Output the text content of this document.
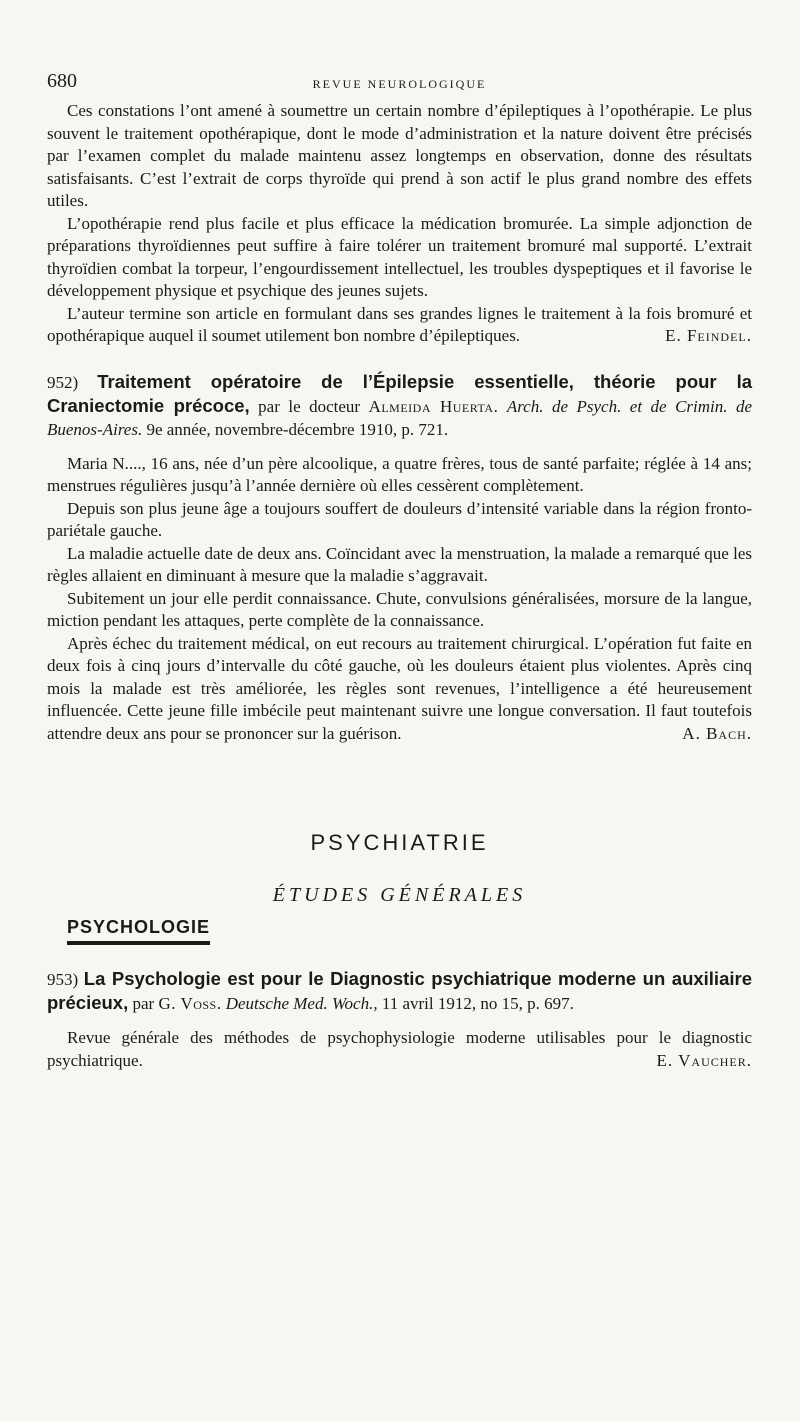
680	REVUE NEUROLOGIQUE

Ces constations l’ont amené à soumettre un certain nombre d’épileptiques à l’opothérapie. Le plus souvent le traitement opothérapique, dont le mode d’administration et la nature doivent être précisés par l’examen complet du malade maintenu assez longtemps en observation, donne des résultats satisfaisants. C’est l’extrait de corps thyroïde qui prend à son actif le plus grand nombre des effets utiles.

L’opothérapie rend plus facile et plus efficace la médication bromurée. La simple adjonction de préparations thyroïdiennes peut suffire à faire tolérer un traitement bromuré mal supporté. L’extrait thyroïdien combat la torpeur, l’engourdissement intellectuel, les troubles dyspeptiques et il favorise le développement physique et psychique des jeunes sujets.

L’auteur termine son article en formulant dans ses grandes lignes le traitement à la fois bromuré et opothérapique auquel il soumet utilement bon nombre d’épileptiques.	E. Feindel.

952) Traitement opératoire de l’Épilepsie essentielle, théorie pour la Craniectomie précoce, par le docteur Almeida Huerta. Arch. de Psych. et de Crimin. de Buenos-Aires. 9e année, novembre-décembre 1910, p. 721.

Maria N...., 16 ans, née d’un père alcoolique, a quatre frères, tous de santé parfaite; réglée à 14 ans; menstrues régulières jusqu’à l’année dernière où elles cessèrent complètement.

Depuis son plus jeune âge a toujours souffert de douleurs d’intensité variable dans la région fronto-pariétale gauche.

La maladie actuelle date de deux ans. Coïncidant avec la menstruation, la malade a remarqué que les règles allaient en diminuant à mesure que la maladie s’aggravait.

Subitement un jour elle perdit connaissance. Chute, convulsions généralisées, morsure de la langue, miction pendant les attaques, perte complète de la connaissance.

Après échec du traitement médical, on eut recours au traitement chirurgical. L’opération fut faite en deux fois à cinq jours d’intervalle du côté gauche, où les douleurs étaient plus violentes. Après cinq mois la malade est très améliorée, les règles sont revenues, l’intelligence a été heureusement influencée. Cette jeune fille imbécile peut maintenant suivre une longue conversation. Il faut toutefois attendre deux ans pour se prononcer sur la guérison.	A. Bach.

PSYCHIATRIE
ÉTUDES GÉNÉRALES
PSYCHOLOGIE
953) La Psychologie est pour le Diagnostic psychiatrique moderne un auxiliaire précieux, par G. Voss. Deutsche Med. Woch., 11 avril 1912, no 15, p. 697.

Revue générale des méthodes de psychophysiologie moderne utilisables pour le diagnostic psychiatrique.	E. Vaucher.
